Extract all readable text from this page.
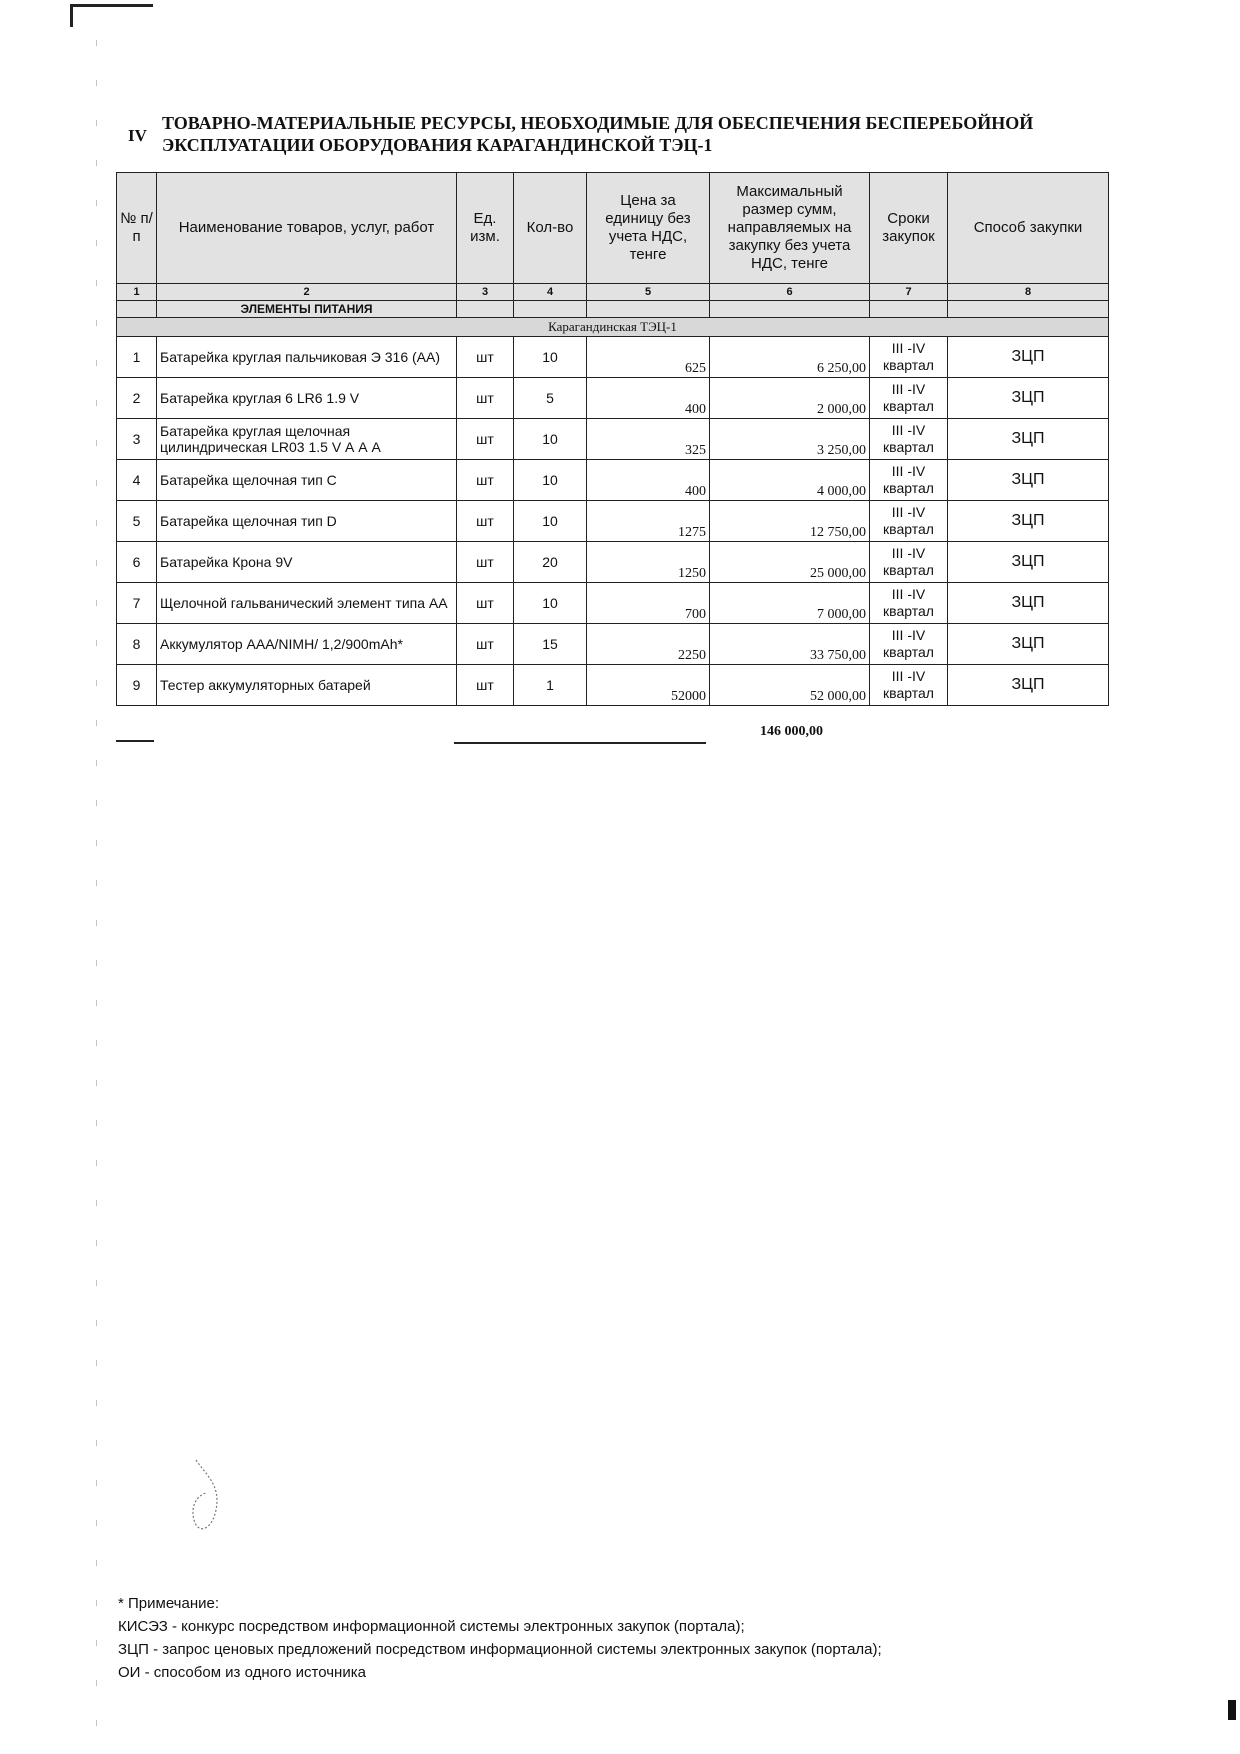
IV
ТОВАРНО-МАТЕРИАЛЬНЫЕ РЕСУРСЫ, НЕОБХОДИМЫЕ ДЛЯ ОБЕСПЕЧЕНИЯ БЕСПЕРЕБОЙНОЙ ЭКСПЛУАТАЦИИ ОБОРУДОВАНИЯ КАРАГАНДИНСКОЙ ТЭЦ-1
№ п/п	Наименование товаров, услуг, работ	Ед. изм.	Кол-во	Цена за единицу без учета НДС, тенге	Максимальный размер сумм, направляемых на закупку без учета НДС, тенге	Сроки закупок	Способ закупки
1	2	3	4	5	6	7	8
	ЭЛЕМЕНТЫ ПИТАНИЯ						
Карагандинская ТЭЦ-1							
1	Батарейка круглая пальчиковая Э 316 (АА)	шт	10	625	6 250,00	III -IV квартал	ЗЦП
2	Батарейка круглая 6 LR6 1.9 V	шт	5	400	2 000,00	III -IV квартал	ЗЦП
3	Батарейка круглая щелочная цилиндрическая LR03 1.5 V А А А	шт	10	325	3 250,00	III -IV квартал	ЗЦП
4	Батарейка щелочная тип С	шт	10	400	4 000,00	III -IV квартал	ЗЦП
5	Батарейка щелочная тип D	шт	10	1275	12 750,00	III -IV квартал	ЗЦП
6	Батарейка Крона 9V	шт	20	1250	25 000,00	III -IV квартал	ЗЦП
7	Щелочной гальванический элемент типа АА	шт	10	700	7 000,00	III -IV квартал	ЗЦП
8	Аккумулятор ААА/NIMH/ 1,2/900mAh*	шт	15	2250	33 750,00	III -IV квартал	ЗЦП
9	Тестер аккумуляторных батарей	шт	1	52000	52 000,00	III -IV квартал	ЗЦП
146 000,00
* Примечание:
КИСЭЗ - конкурс посредством информационной системы электронных закупок (портала);
ЗЦП - запрос ценовых предложений посредством информационной системы электронных закупок (портала);
ОИ - способом из одного источника
